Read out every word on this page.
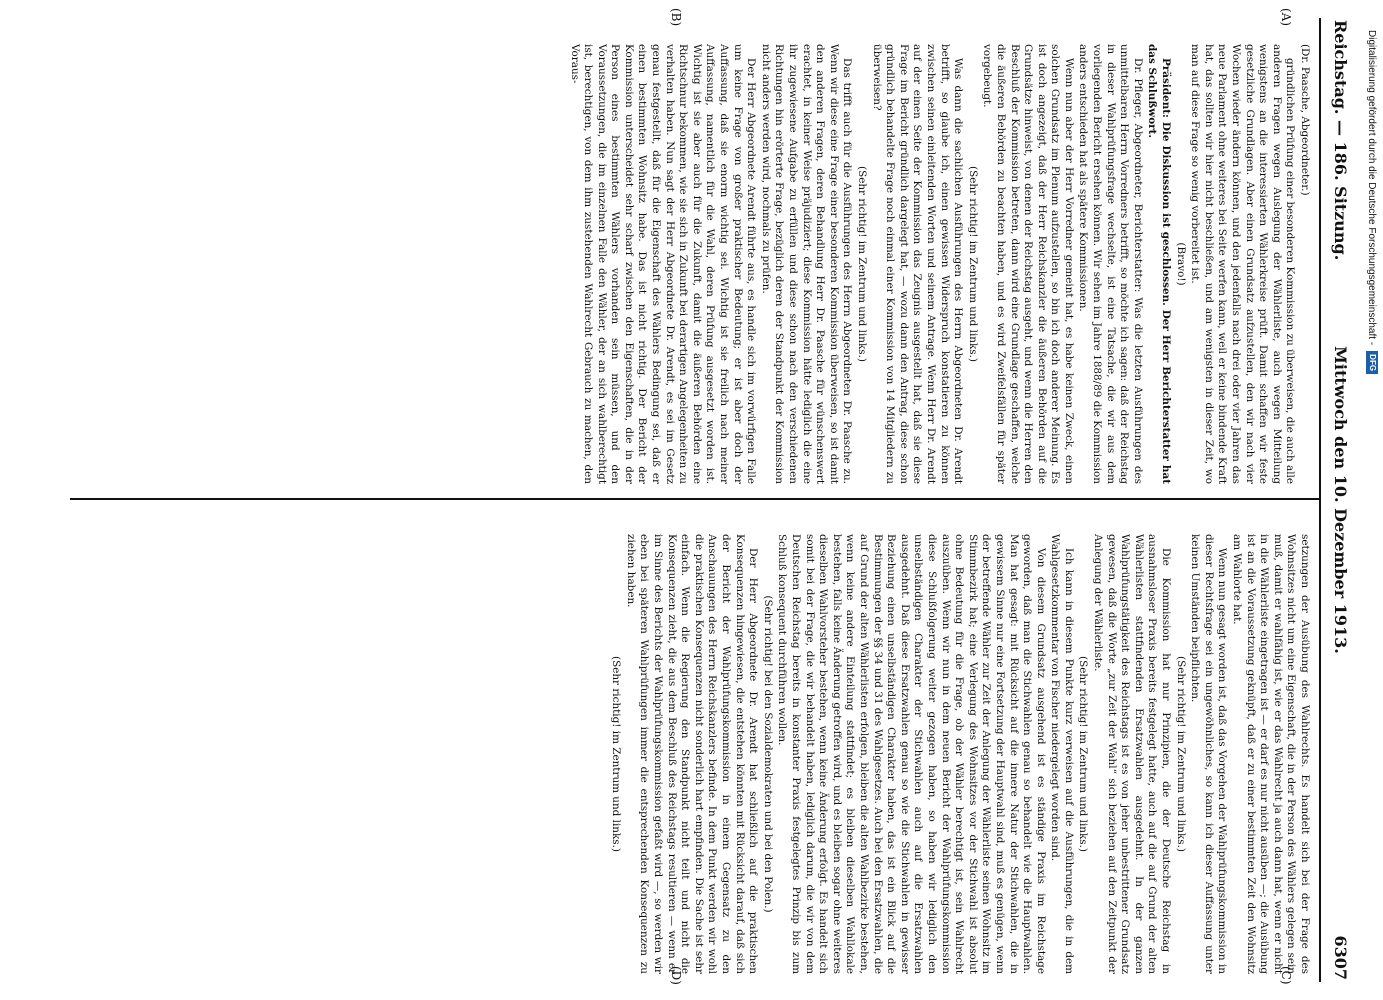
Reichstag. — 186. Sitzung.
Mittwoch den 10. Dezember 1913.
6307
(A)
(B)
(C)
(D)

(Dr. Paasche, Abgeordneter.)

gründlichen Prüfung einer besonderen Kommission zu überweisen, die auch alle anderen Fragen wegen Auslegung der Wählerliste, auch wegen Mitteilung wenigstens an die interessierten Wählerkreise prüft. Damit schaffen wir feste gesetzliche Grundlagen. Aber einen Grundsatz aufzustellen, den wir nach vier Wochen wieder ändern können, und den jedenfalls nach drei oder vier Jahren das neue Parlament ohne weiteres bei Seite werfen kann, weil er keine bindende Kraft hat, das sollten wir hier nicht beschließen, und am wenigsten in dieser Zeit, wo man auf diese Frage so wenig vorbereitet ist.

(Bravo!)

Präsident: Die Diskussion ist geschlossen. Der Herr Berichterstatter hat das Schlußwort.

Dr. Pfleger, Abgeordneter, Berichterstatter: Was die letzten Ausführungen des unmittelbaren Herrn Vorredners betrifft, so möchte ich sagen: daß der Reichstag in dieser Wahlprüfungsfrage wechselte, ist eine Tatsache, die wir aus dem vorliegenden Bericht ersehen können. Wir sehen im Jahre 1888/89 die Kommission anders entschieden hat als spätere Kommissionen.

Wenn nun aber der Herr Vorredner gemeint hat, es habe keinen Zweck, einen solchen Grundsatz im Plenum aufzustellen, so bin ich doch anderer Meinung. Es ist doch angezeigt, daß der Herr Reichskanzler die äußeren Behörden auf die Grundsätze hinweist, von denen der Reichstag ausgeht, und wenn die Herren den Beschluß der Kommission betreten, dann wird eine Grundlage geschaffen, welche die äußeren Behörden zu beachten haben, und es wird Zweifelsfällen für später vorgebeugt.

(Sehr richtig! im Zentrum und links.)

Was dann die sachlichen Ausführungen des Herrn Abgeordneten Dr. Arendt betrifft, so glaube ich, einen gewissen Widerspruch konstatieren zu können zwischen seinen einleitenden Worten und seinem Antrage. Wenn Herr Dr. Arendt auf der einen Seite der Kommission das Zeugnis ausgestellt hat, daß sie diese Frage im Bericht gründlich dargelegt hat, — wozu dann den Antrag, diese schon gründlich behandelte Frage noch einmal einer Kommission von 14 Mitgliedern zu überweisen?

(Sehr richtig! im Zentrum und links.)

Das trifft auch für die Ausführungen des Herrn Abgeordneten Dr. Paasche zu. Wenn wir diese eine Frage einer besonderen Kommission überweisen, so ist damit den anderen Fragen, deren Behandlung Herr Dr. Paasche für wünschenswert erachtet, in keiner Weise präjudiziert; diese Kommission hätte lediglich die eine ihr zugewiesene Aufgabe zu erfüllen und diese schon nach den verschiedenen Richtungen hin erörterte Frage, bezüglich deren der Standpunkt der Kommission nicht anders werden wird, nochmals zu prüfen.

Der Herr Abgeordnete Arendt führte aus, es handle sich im vorwürfigen Falle um keine Frage von großer praktischer Bedeutung; er ist aber doch der Auffassung, daß sie enorm wichtig sei. Wichtig ist sie freilich nach meiner Auffassung, namentlich für die Wahl, deren Prüfung ausgesetzt worden ist. Wichtig ist sie aber auch für die Zukunft, damit die äußeren Behörden eine Richtschnur bekommen, wie sie sich in Zukunft bei derartigen Angelegenheiten zu verhalten haben. Nun sagt der Herr Abgeordnete Dr. Arendt, es sei im Gesetz genau festgestellt, daß für die Eigenschaft des Wählers Bedingung sei, daß er einen bestimmten Wohnsitz habe. Das ist nicht richtig. Der Bericht der Kommission unterscheidet sehr scharf zwischen den Eigenschaften, die in der Person eines bestimmten Wählers vorhanden sein müssen, und den Voraussetzungen, die im einzelnen Falle den Wähler, der an sich wahlberechtigt ist, berechtigen, von dem ihm zustehenden Wahlrecht Gebrauch zu machen, den Voraus-

setzungen der Ausübung des Wahlrechts. Es handelt sich bei der Frage des Wohnsitzes nicht um eine Eigenschaft, die in der Person des Wählers gelegen sein muß, damit er wahlfähig ist, wie er das Wahlrecht ja auch dann hat, wenn er nicht in die Wählerliste eingetragen ist — er darf es nur nicht ausüben —; die Ausübung ist an die Voraussetzung geknüpft, daß er zu einer bestimmten Zeit den Wohnsitz am Wahlorte hat.

Wenn nun gesagt worden ist, daß das Vorgehen der Wahlprüfungskommission in dieser Rechtsfrage sei ein ungewöhnliches, so kann ich dieser Auffassung unter keinen Umständen beipflichten.

(Sehr richtig! im Zentrum und links.)

Die Kommission hat nur Prinzipien, die der Deutsche Reichstag in ausnahmsloser Praxis bereits festgelegt hatte, auch auf die auf Grund der alten Wählerlisten stattfindenden Ersatzwahlen ausgedehnt. In der ganzen Wahlprüfungstätigkeit des Reichstags ist es von jeher unbestrittener Grundsatz gewesen, daß die Worte „zur Zeit der Wahl“ sich beziehen auf den Zeitpunkt der Anlegung der Wählerliste.

(Sehr richtig! im Zentrum und links.)

Ich kann in diesem Punkte kurz verweisen auf die Ausführungen, die in dem Wahlgesetzkommentar von Fischer niedergelegt worden sind.

Von diesem Grundsatz ausgehend ist es ständige Praxis im Reichstage geworden, daß man die Stichwahlen genau so behandelt wie die Hauptwahlen. Man hat gesagt: mit Rücksicht auf die innere Natur der Stichwahlen, die in gewissem Sinne nur eine Fortsetzung der Hauptwahl sind, muß es genügen, wenn der betreffende Wähler zur Zeit der Anlegung der Wählerliste seinen Wohnsitz im Stimmbezirk hat; eine Verlegung des Wohnsitzes vor der Stichwahl ist absolut ohne Bedeutung für die Frage, ob der Wähler berechtigt ist, sein Wahlrecht auszuüben. Wenn wir nun in dem neuen Bericht der Wahlprüfungskommission diese Schlußfolgerung weiter gezogen haben, so haben wir lediglich den unselbständigen Charakter der Stichwahlen auch auf die Ersatzwahlen ausgedehnt. Daß diese Ersatzwahlen genau so wie die Stichwahlen in gewisser Beziehung einen unselbständigen Charakter haben, das ist ein Blick auf die Bestimmungen der §§ 34 und 31 des Wahlgesetzes. Auch bei den Ersatzwahlen, die auf Grund der alten Wählerlisten erfolgen, bleiben die alten Wahlbezirke bestehen, wenn keine andere Einteilung stattfindet; es bleiben dieselben Wahllokale bestehen, falls keine Änderung getroffen wird, und es bleiben sogar ohne weiteres dieselben Wahlvorsteher bestehen, wenn keine Änderung erfolgt. Es handelt sich somit bei der Frage, die wir behandelt haben, lediglich darum, die wir von dem Deutschen Reichstag bereits in konstanter Praxis festgelegtes Prinzip bis zum Schluß konsequent durchführen wollen.

(Sehr richtig! bei den Sozialdemokraten und bei den Polen.)

Der Herr Abgeordnete Dr. Arendt hat schließlich auf die praktischen Konsequenzen hingewiesen, die entstehen könnten mit Rücksicht darauf, daß sich der Bericht der Wahlprüfungskommission in einem Gegensatz zu den Anschauungen des Herrn Reichskanzlers befinde. In dem Punkt werden wir wohl die praktischen Konsequenzen nicht sonderlich hart empfinden. Die Sache ist sehr einfach. Wenn die Regierung den Standpunkt nicht teilt und nicht die Konsequenzen zieht, die aus dem Beschluß des Reichstags resultieren — wenn er im Sinne des Berichts der Wahlprüfungskommission gefaßt wird —, so werden wir eben bei späteren Wahlprüfungen immer die entsprechenden Konsequenzen zu ziehen haben.

(Sehr richtig! im Zentrum und links.)

Digitalisierung gefördert durch die Deutsche Forschungsgemeinschaft -
DFG
